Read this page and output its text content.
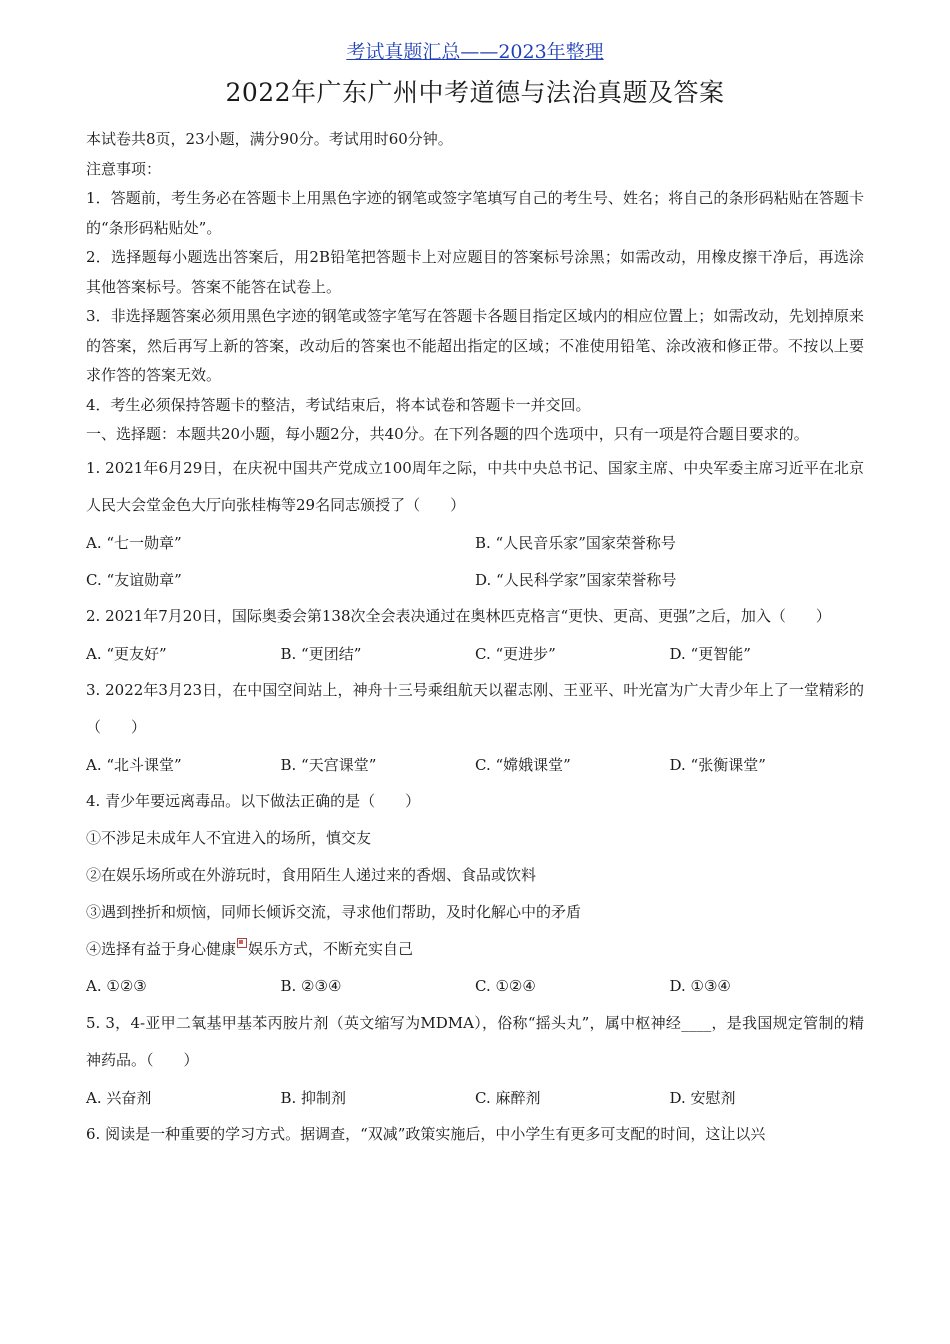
考试真题汇总——2023年整理
2022年广东广州中考道德与法治真题及答案

本试卷共8页，23小题，满分90分。考试用时60分钟。

注意事项：

1．答题前，考生务必在答题卡上用黑色字迹的钢笔或签字笔填写自己的考生号、姓名；将自己的条形码粘贴在答题卡的“条形码粘贴处”。

2．选择题每小题选出答案后，用2B铅笔把答题卡上对应题目的答案标号涂黑；如需改动，用橡皮擦干净后，再选涂其他答案标号。答案不能答在试卷上。

3．非选择题答案必须用黑色字迹的钢笔或签字笔写在答题卡各题目指定区域内的相应位置上；如需改动，先划掉原来的答案，然后再写上新的答案，改动后的答案也不能超出指定的区域；不准使用铅笔、涂改液和修正带。不按以上要求作答的答案无效。

4．考生必须保持答题卡的整洁，考试结束后，将本试卷和答题卡一并交回。

一、选择题：本题共20小题，每小题2分，共40分。在下列各题的四个选项中，只有一项是符合题目要求的。

1. 2021年6月29日，在庆祝中国共产党成立100周年之际，中共中央总书记、国家主席、中央军委主席习近平在北京人民大会堂金色大厅向张桂梅等29名同志颁授了（　　）

A. “七一勋章”	B. “人民音乐家”国家荣誉称号
C. “友谊勋章”	D. “人民科学家”国家荣誉称号

2. 2021年7月20日，国际奥委会第138次全会表决通过在奥林匹克格言“更快、更高、更强”之后，加入（　　）

A. “更友好”	B. “更团结”	C. “更进步”	D. “更智能”

3. 2022年3月23日，在中国空间站上，神舟十三号乘组航天以翟志刚、王亚平、叶光富为广大青少年上了一堂精彩的（　　）

A. “北斗课堂”	B. “天宫课堂”	C. “嫦娥课堂”	D. “张衡课堂”

4. 青少年要远离毒品。以下做法正确的是（　　）

①不涉足未成年人不宜进入的场所，慎交友

②在娱乐场所或在外游玩时，食用陌生人递过来的香烟、食品或饮料

③遇到挫折和烦恼，同师长倾诉交流，寻求他们帮助，及时化解心中的矛盾

④选择有益于身心健康 娱乐方式，不断充实自己

A. ①②③	B. ②③④	C. ①②④	D. ①③④

5. 3，4-亚甲二氧基甲基苯丙胺片剂（英文缩写为MDMA），俗称“摇头丸”，属中枢神经____，是我国规定管制的精神药品。（　　）

A. 兴奋剂	B. 抑制剂	C. 麻醉剂	D. 安慰剂

6. 阅读是一种重要的学习方式。据调查，“双减”政策实施后，中小学生有更多可支配的时间，这让以兴
